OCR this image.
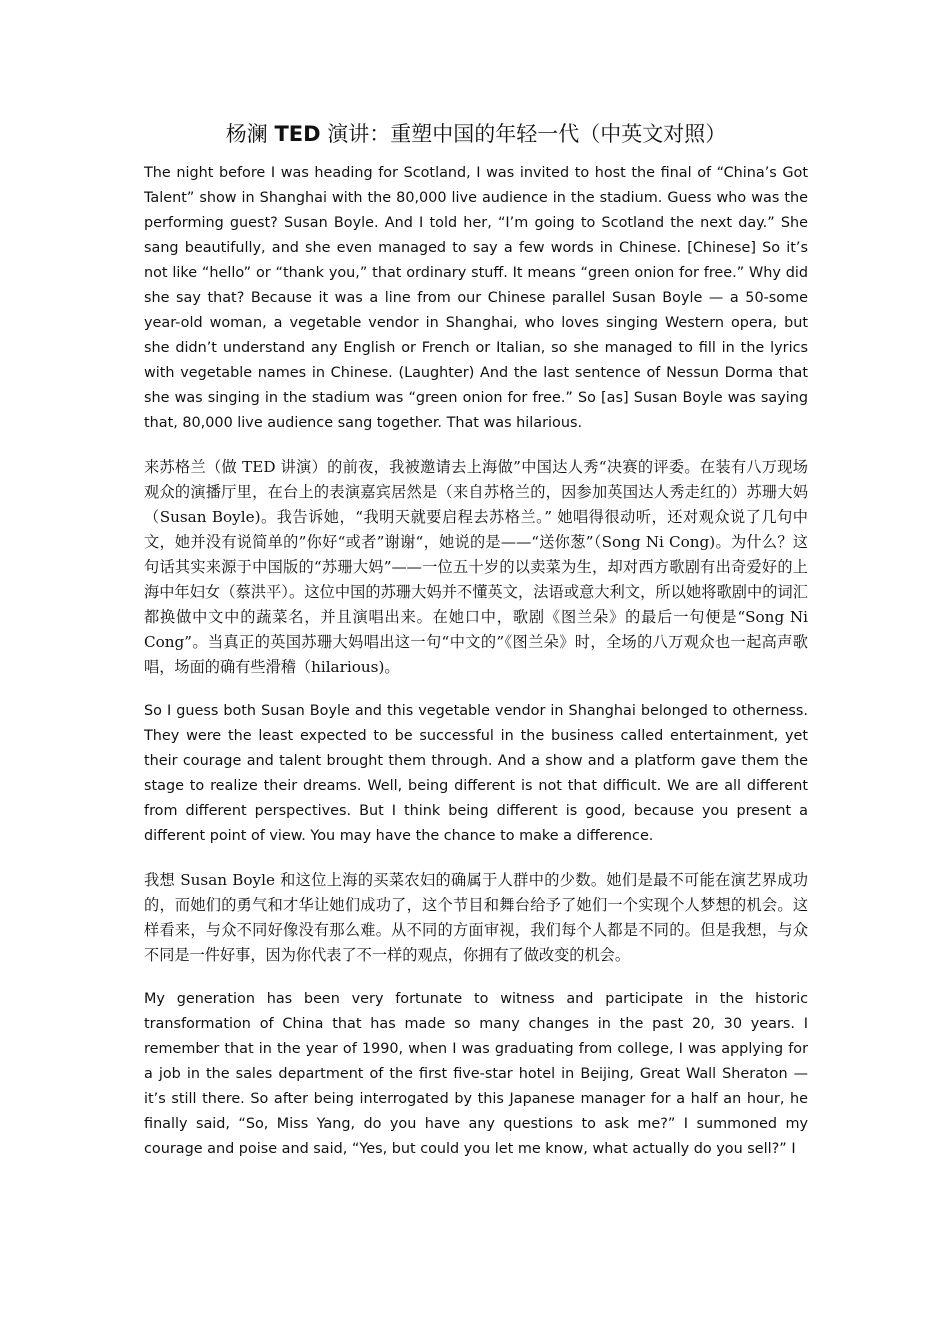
杨澜 TED 演讲：重塑中国的年轻一代（中英文对照）

The night before I was heading for Scotland, I was invited to host the final of “China’s Got Talent” show in Shanghai with the 80,000 live audience in the stadium. Guess who was the performing guest? Susan Boyle. And I told her, “I’m going to Scotland the next day.” She sang beautifully, and she even managed to say a few words in Chinese. [Chinese] So it’s not like “hello” or “thank you,” that ordinary stuff. It means “green onion for free.” Why did she say that? Because it was a line from our Chinese parallel Susan Boyle — a 50-some year-old woman, a vegetable vendor in Shanghai, who loves singing Western opera, but she didn’t understand any English or French or Italian, so she managed to fill in the lyrics with vegetable names in Chinese. (Laughter) And the last sentence of Nessun Dorma that she was singing in the stadium was “green onion for free.” So [as] Susan Boyle was saying that, 80,000 live audience sang together. That was hilarious.

来苏格兰（做 TED 讲演）的前夜，我被邀请去上海做”中国达人秀“决赛的评委。在装有八万现场观众的演播厅里，在台上的表演嘉宾居然是（来自苏格兰的，因参加英国达人秀走红的）苏珊大妈（Susan Boyle)。我告诉她，“我明天就要启程去苏格兰。” 她唱得很动听，还对观众说了几句中文，她并没有说简单的”你好“或者”谢谢“，她说的是——“送你葱”（Song Ni Cong)。为什么？这句话其实来源于中国版的“苏珊大妈”——一位五十岁的以卖菜为生，却对西方歌剧有出奇爱好的上海中年妇女（蔡洪平）。这位中国的苏珊大妈并不懂英文，法语或意大利文，所以她将歌剧中的词汇都换做中文中的蔬菜名，并且演唱出来。在她口中，歌剧《图兰朵》的最后一句便是“Song Ni Cong”。当真正的英国苏珊大妈唱出这一句“中文的”《图兰朵》时，全场的八万观众也一起高声歌唱，场面的确有些滑稽（hilarious)。

So I guess both Susan Boyle and this vegetable vendor in Shanghai belonged to otherness. They were the least expected to be successful in the business called entertainment, yet their courage and talent brought them through. And a show and a platform gave them the stage to realize their dreams. Well, being different is not that difficult. We are all different from different perspectives. But I think being different is good, because you present a different point of view. You may have the chance to make a difference.

我想 Susan Boyle 和这位上海的买菜农妇的确属于人群中的少数。她们是最不可能在演艺界成功的，而她们的勇气和才华让她们成功了，这个节目和舞台给予了她们一个实现个人梦想的机会。这样看来，与众不同好像没有那么难。从不同的方面审视，我们每个人都是不同的。但是我想，与众不同是一件好事，因为你代表了不一样的观点，你拥有了做改变的机会。

My generation has been very fortunate to witness and participate in the historic transformation of China that has made so many changes in the past 20, 30 years. I remember that in the year of 1990, when I was graduating from college, I was applying for a job in the sales department of the first five-star hotel in Beijing, Great Wall Sheraton — it’s still there. So after being interrogated by this Japanese manager for a half an hour, he finally said, “So, Miss Yang, do you have any questions to ask me?” I summoned my courage and poise and said, “Yes, but could you let me know, what actually do you sell?” I
